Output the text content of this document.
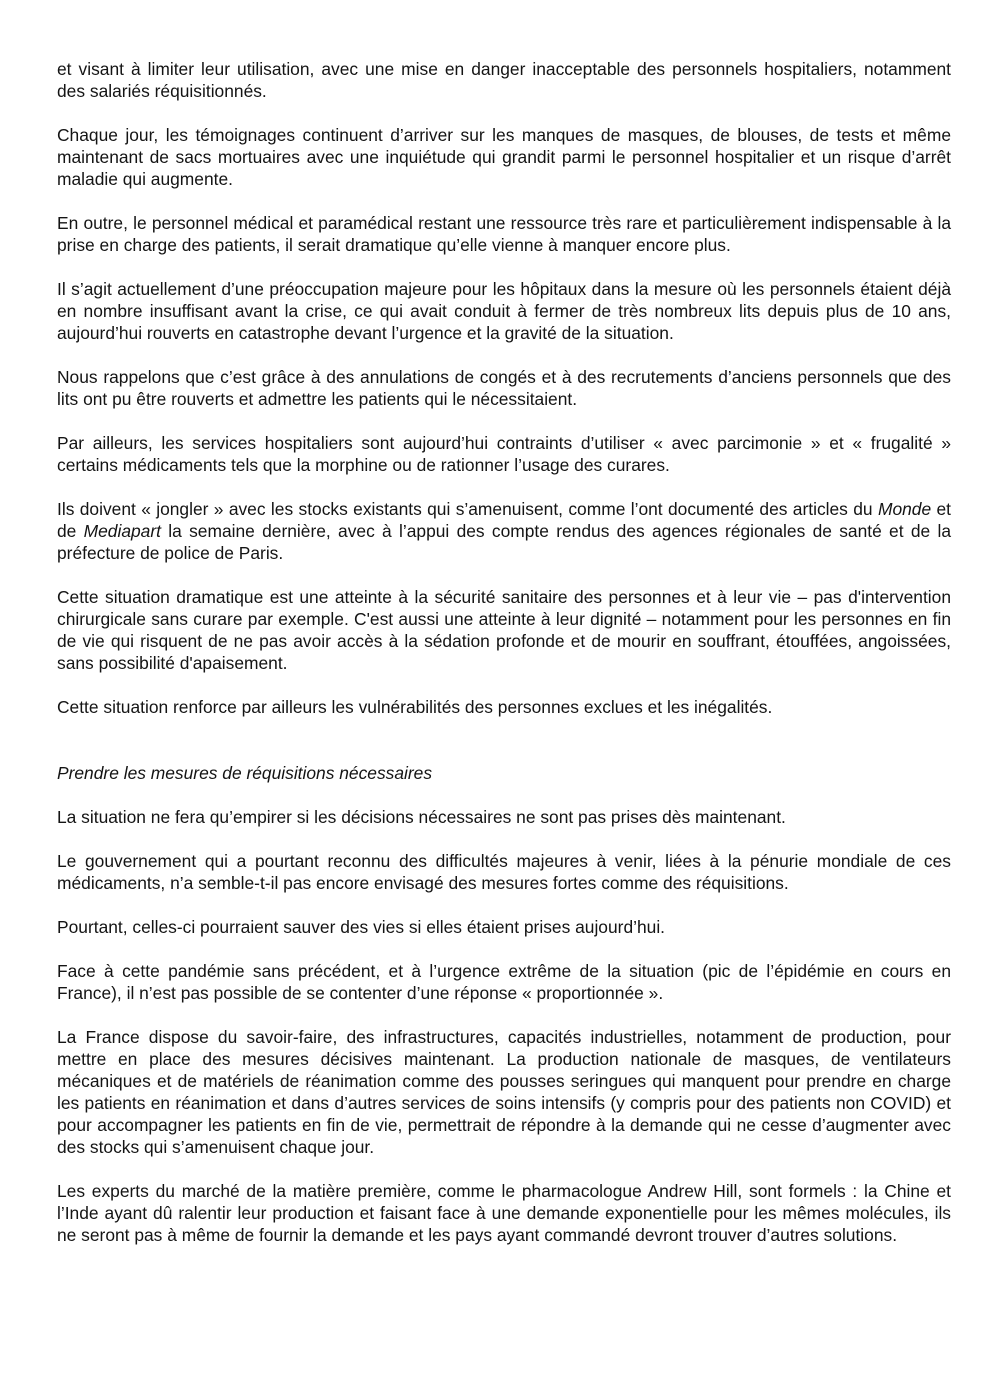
et visant à limiter leur utilisation, avec une mise en danger inacceptable des personnels hospitaliers, notamment des salariés réquisitionnés.

Chaque jour, les témoignages continuent d’arriver sur les manques de masques, de blouses, de tests et même maintenant de sacs mortuaires avec une inquiétude qui grandit parmi le personnel hospitalier et un risque d’arrêt maladie qui augmente.

En outre, le personnel médical et paramédical restant une ressource très rare et particulièrement indispensable à la prise en charge des patients, il serait dramatique qu’elle vienne à manquer encore plus.

Il s’agit actuellement d’une préoccupation majeure pour les hôpitaux dans la mesure où les personnels étaient déjà en nombre insuffisant avant la crise, ce qui avait conduit à fermer de très nombreux lits depuis plus de 10 ans, aujourd’hui rouverts en catastrophe devant l’urgence et la gravité de la situation.

Nous rappelons que c’est grâce à des annulations de congés et à des recrutements d’anciens personnels que des lits ont pu être rouverts et admettre les patients qui le nécessitaient.

Par ailleurs, les services hospitaliers sont aujourd’hui contraints d’utiliser « avec parcimonie » et « frugalité » certains médicaments tels que la morphine ou de rationner l’usage des curares.

Ils doivent « jongler » avec les stocks existants qui s’amenuisent, comme l’ont documenté des articles du Monde et de Mediapart la semaine dernière, avec à l’appui des compte rendus des agences régionales de santé et de la préfecture de police de Paris.

Cette situation dramatique est une atteinte à la sécurité sanitaire des personnes et à leur vie – pas d'intervention chirurgicale sans curare par exemple. C'est aussi une atteinte à leur dignité – notamment pour les personnes en fin de vie qui risquent de ne pas avoir accès à la sédation profonde et de mourir en souffrant, étouffées, angoissées, sans possibilité d'apaisement.

Cette situation renforce par ailleurs les vulnérabilités des personnes exclues et les inégalités.

Prendre les mesures de réquisitions nécessaires

La situation ne fera qu’empirer si les décisions nécessaires ne sont pas prises dès maintenant.

Le gouvernement qui a pourtant reconnu des difficultés majeures à venir, liées à la pénurie mondiale de ces médicaments, n’a semble-t-il pas encore envisagé des mesures fortes comme des réquisitions.

Pourtant, celles-ci pourraient sauver des vies si elles étaient prises aujourd’hui.

Face à cette pandémie sans précédent, et à l’urgence extrême de la situation (pic de l’épidémie en cours en France), il n’est pas possible de se contenter d’une réponse « proportionnée ».

La France dispose du savoir-faire, des infrastructures, capacités industrielles, notamment de production, pour mettre en place des mesures décisives maintenant. La production nationale de masques, de ventilateurs mécaniques et de matériels de réanimation comme des pousses seringues qui manquent pour prendre en charge les patients en réanimation et dans d’autres services de soins intensifs (y compris pour des patients non COVID) et pour accompagner les patients en fin de vie, permettrait de répondre à la demande qui ne cesse d’augmenter avec des stocks qui s’amenuisent chaque jour.

Les experts du marché de la matière première, comme le pharmacologue Andrew Hill, sont formels : la Chine et l’Inde ayant dû ralentir leur production et faisant face à une demande exponentielle pour les mêmes molécules, ils ne seront pas à même de fournir la demande et les pays ayant commandé devront trouver d’autres solutions.
